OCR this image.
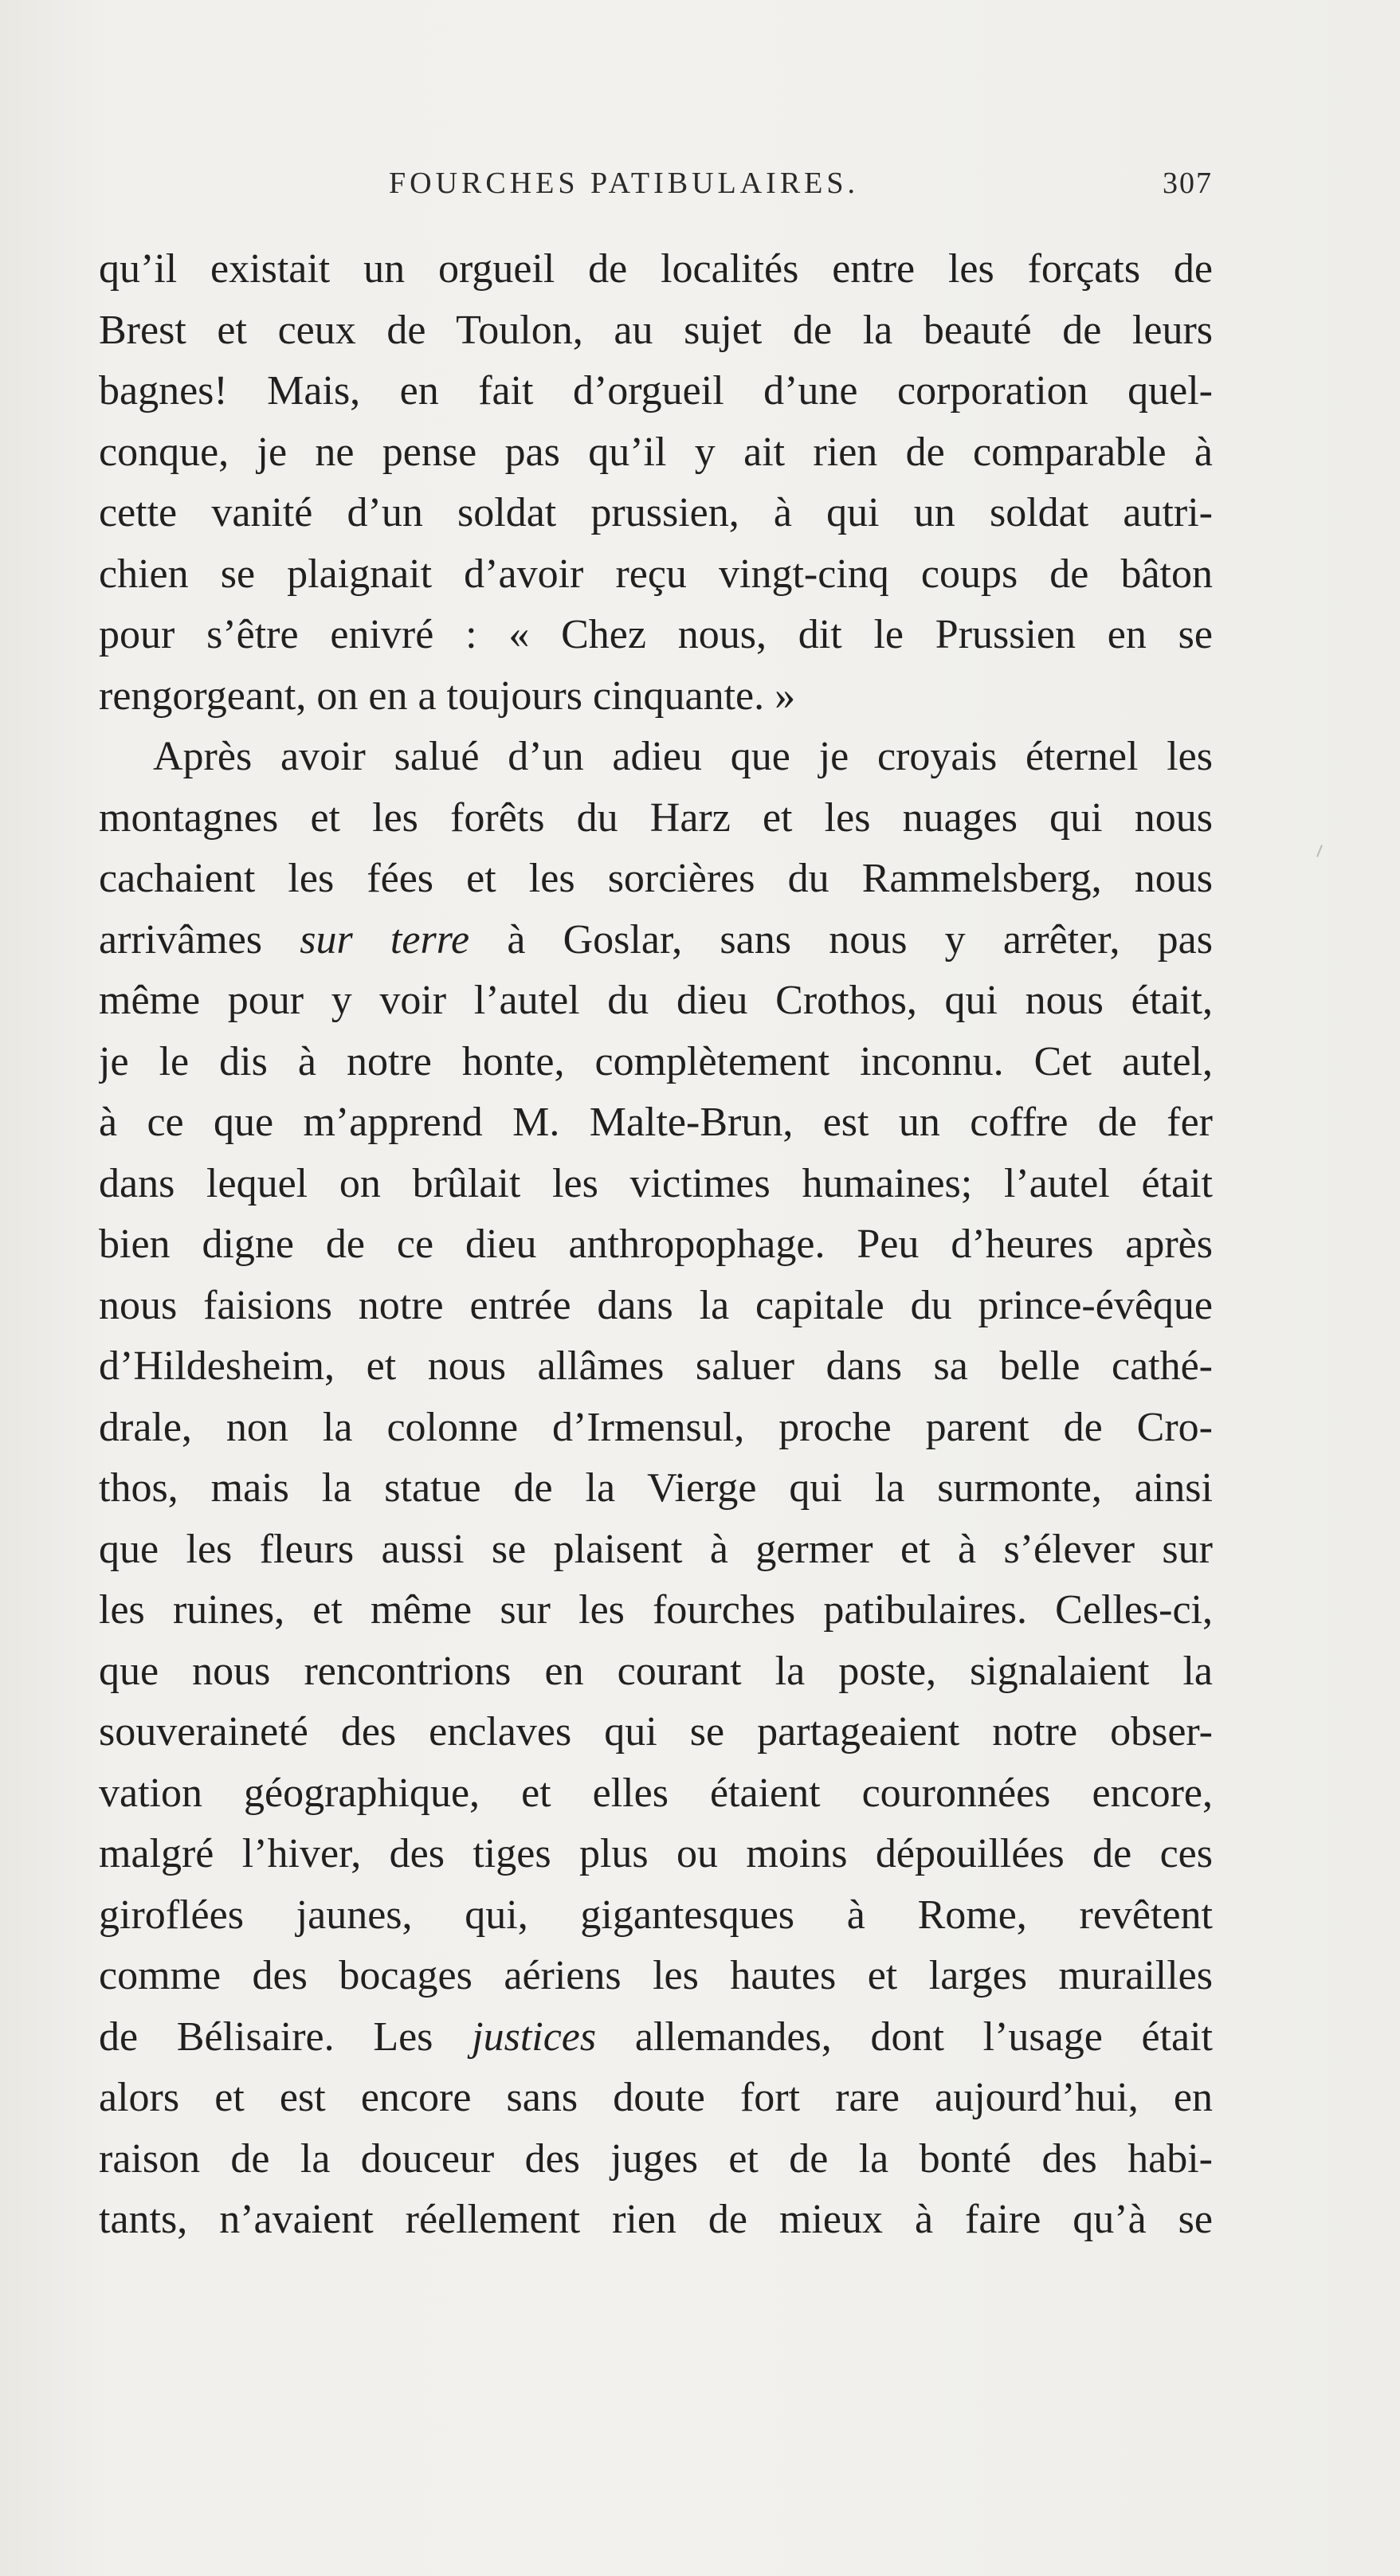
FOURCHES PATIBULAIRES.	307
qu’il existait un orgueil de localités entre les forçats de
Brest et ceux de Toulon, au sujet de la beauté de leurs
bagnes! Mais, en fait d’orgueil d’une corporation quel-
conque, je ne pense pas qu’il y ait rien de comparable à
cette vanité d’un soldat prussien, à qui un soldat autri-
chien se plaignait d’avoir reçu vingt-cinq coups de bâton
pour s’être enivré : « Chez nous, dit le Prussien en se
rengorgeant, on en a toujours cinquante. »
Après avoir salué d’un adieu que je croyais éternel les
montagnes et les forêts du Harz et les nuages qui nous
cachaient les fées et les sorcières du Rammelsberg, nous
arrivâmes sur terre à Goslar, sans nous y arrêter, pas
même pour y voir l’autel du dieu Crothos, qui nous était,
je le dis à notre honte, complètement inconnu. Cet autel,
à ce que m’apprend M. Malte-Brun, est un coffre de fer
dans lequel on brûlait les victimes humaines; l’autel était
bien digne de ce dieu anthropophage. Peu d’heures après
nous faisions notre entrée dans la capitale du prince-évêque
d’Hildesheim, et nous allâmes saluer dans sa belle cathé-
drale, non la colonne d’Irmensul, proche parent de Cro-
thos, mais la statue de la Vierge qui la surmonte, ainsi
que les fleurs aussi se plaisent à germer et à s’élever sur
les ruines, et même sur les fourches patibulaires. Celles-ci,
que nous rencontrions en courant la poste, signalaient la
souveraineté des enclaves qui se partageaient notre obser-
vation géographique, et elles étaient couronnées encore,
malgré l’hiver, des tiges plus ou moins dépouillées de ces
giroflées jaunes, qui, gigantesques à Rome, revêtent
comme des bocages aériens les hautes et larges murailles
de Bélisaire. Les justices allemandes, dont l’usage était
alors et est encore sans doute fort rare aujourd’hui, en
raison de la douceur des juges et de la bonté des habi-
tants, n’avaient réellement rien de mieux à faire qu’à se
